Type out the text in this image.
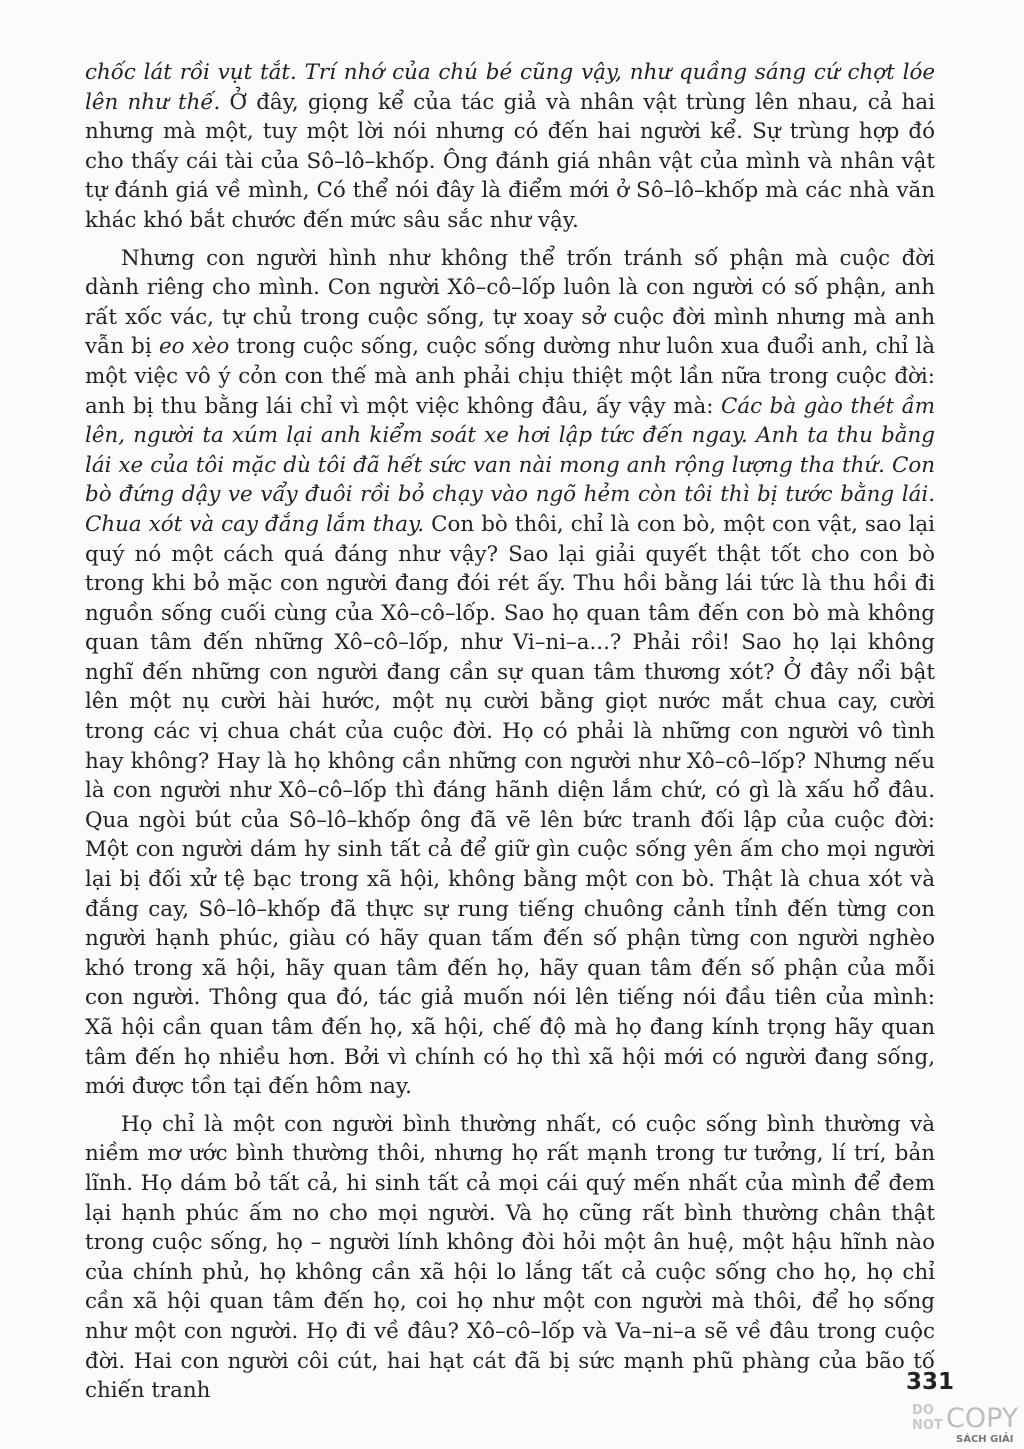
chốc lát rồi vụt tắt. Trí nhớ của chú bé cũng vậy, như quầng sáng cứ chợt lóe lên như thế. Ở đây, giọng kể của tác giả và nhân vật trùng lên nhau, cả hai nhưng mà một, tuy một lời nói nhưng có đến hai người kể. Sự trùng hợp đó cho thấy cái tài của Sô–lô–khốp. Ông đánh giá nhân vật của mình và nhân vật tự đánh giá về mình, Có thể nói đây là điểm mới ở Sô–lô–khốp mà các nhà văn khác khó bắt chước đến mức sâu sắc như vậy.

Nhưng con người hình như không thể trốn tránh số phận mà cuộc đời dành riêng cho mình. Con người Xô–cô–lốp luôn là con người có số phận, anh rất xốc vác, tự chủ trong cuộc sống, tự xoay sở cuộc đời mình nhưng mà anh vẫn bị eo xèo trong cuộc sống, cuộc sống dường như luôn xua đuổi anh, chỉ là một việc vô ý cỏn con thế mà anh phải chịu thiệt một lần nữa trong cuộc đời: anh bị thu bằng lái chỉ vì một việc không đâu, ấy vậy mà: Các bà gào thét ầm lên, người ta xúm lại anh kiểm soát xe hơi lập tức đến ngay. Anh ta thu bằng lái xe của tôi mặc dù tôi đã hết sức van nài mong anh rộng lượng tha thứ. Con bò đứng dậy ve vẩy đuôi rồi bỏ chạy vào ngõ hẻm còn tôi thì bị tước bằng lái. Chua xót và cay đắng lắm thay. Con bò thôi, chỉ là con bò, một con vật, sao lại quý nó một cách quá đáng như vậy? Sao lại giải quyết thật tốt cho con bò trong khi bỏ mặc con người đang đói rét ấy. Thu hồi bằng lái tức là thu hồi đi nguồn sống cuối cùng của Xô–cô–lốp. Sao họ quan tâm đến con bò mà không quan tâm đến những Xô–cô–lốp, như Vi–ni–a...? Phải rồi! Sao họ lại không nghĩ đến những con người đang cần sự quan tâm thương xót? Ở đây nổi bật lên một nụ cười hài hước, một nụ cười bằng giọt nước mắt chua cay, cười trong các vị chua chát của cuộc đời. Họ có phải là những con người vô tình hay không? Hay là họ không cần những con người như Xô–cô–lốp? Nhưng nếu là con người như Xô–cô–lốp thì đáng hãnh diện lắm chứ, có gì là xấu hổ đâu. Qua ngòi bút của Sô–lô–khốp ông đã vẽ lên bức tranh đối lập của cuộc đời: Một con người dám hy sinh tất cả để giữ gìn cuộc sống yên ấm cho mọi người lại bị đối xử tệ bạc trong xã hội, không bằng một con bò. Thật là chua xót và đắng cay, Sô–lô–khốp đã thực sự rung tiếng chuông cảnh tỉnh đến từng con người hạnh phúc, giàu có hãy quan tấm đến số phận từng con người nghèo khó trong xã hội, hãy quan tâm đến họ, hãy quan tâm đến số phận của mỗi con người. Thông qua đó, tác giả muốn nói lên tiếng nói đầu tiên của mình: Xã hội cần quan tâm đến họ, xã hội, chế độ mà họ đang kính trọng hãy quan tâm đến họ nhiều hơn. Bởi vì chính có họ thì xã hội mới có người đang sống, mới được tồn tại đến hôm nay.

Họ chỉ là một con người bình thường nhất, có cuộc sống bình thường và niềm mơ ước bình thường thôi, nhưng họ rất mạnh trong tư tưởng, lí trí, bản lĩnh. Họ dám bỏ tất cả, hi sinh tất cả mọi cái quý mến nhất của mình để đem lại hạnh phúc ấm no cho mọi người. Và họ cũng rất bình thường chân thật trong cuộc sống, họ – người lính không đòi hỏi một ân huệ, một hậu hĩnh nào của chính phủ, họ không cần xã hội lo lắng tất cả cuộc sống cho họ, họ chỉ cần xã hội quan tâm đến họ, coi họ như một con người mà thôi, để họ sống như một con người. Họ đi về đâu? Xô–cô–lốp và Va–ni–a sẽ về đâu trong cuộc đời. Hai con người côi cút, hai hạt cát đã bị sức mạnh phũ phàng của bão tố chiến tranh	331
DO COPY
NOT
SÁCH GIẢI
